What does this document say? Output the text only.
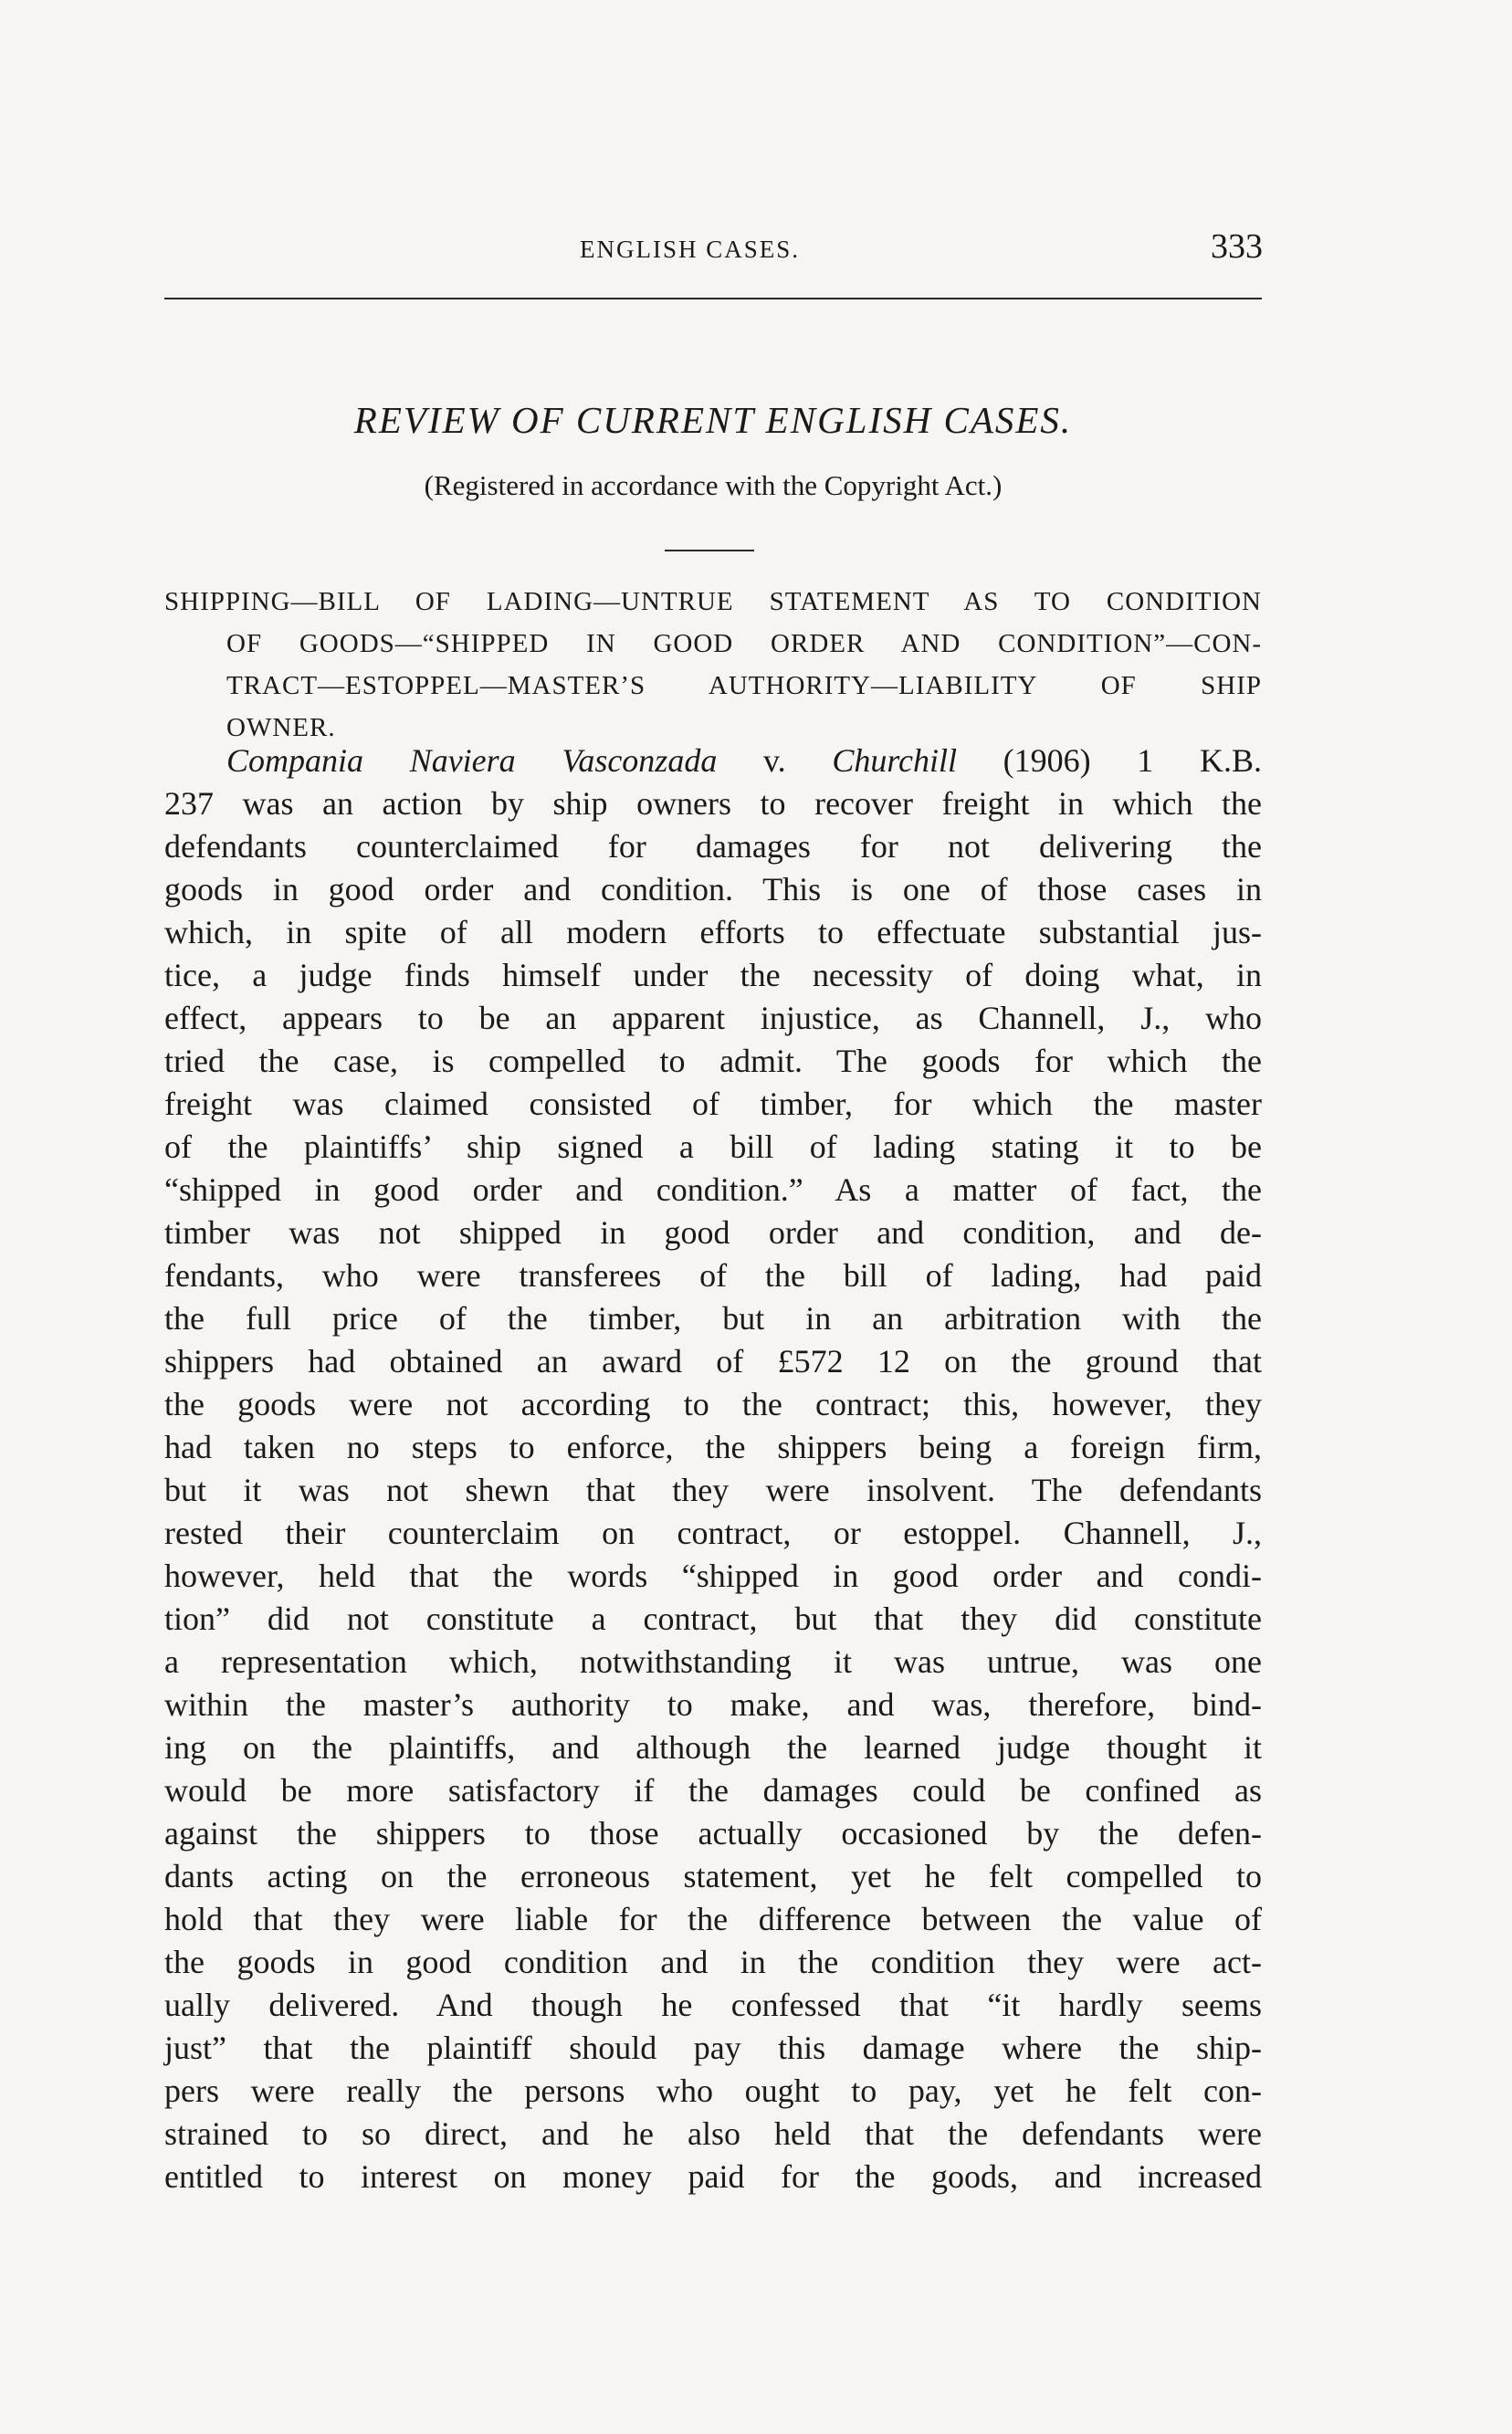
ENGLISH CASES.	333
REVIEW OF CURRENT ENGLISH CASES.
(Registered in accordance with the Copyright Act.)
SHIPPING—BILL OF LADING—UNTRUE STATEMENT AS TO CONDITION
OF GOODS—“SHIPPED IN GOOD ORDER AND CONDITION”—CON-
TRACT—ESTOPPEL—MASTER’S AUTHORITY—LIABILITY OF SHIP
OWNER.
Compania Naviera Vasconzada v. Churchill (1906) 1 K.B.
237 was an action by ship owners to recover freight in which the
defendants counterclaimed for damages for not delivering the
goods in good order and condition. This is one of those cases in
which, in spite of all modern efforts to effectuate substantial jus-
tice, a judge finds himself under the necessity of doing what, in
effect, appears to be an apparent injustice, as Channell, J., who
tried the case, is compelled to admit. The goods for which the
freight was claimed consisted of timber, for which the master
of the plaintiffs’ ship signed a bill of lading stating it to be
“shipped in good order and condition.” As a matter of fact, the
timber was not shipped in good order and condition, and de-
fendants, who were transferees of the bill of lading, had paid
the full price of the timber, but in an arbitration with the
shippers had obtained an award of £572 12 on the ground that
the goods were not according to the contract; this, however, they
had taken no steps to enforce, the shippers being a foreign firm,
but it was not shewn that they were insolvent. The defendants
rested their counterclaim on contract, or estoppel. Channell, J.,
however, held that the words “shipped in good order and condi-
tion” did not constitute a contract, but that they did constitute
a representation which, notwithstanding it was untrue, was one
within the master’s authority to make, and was, therefore, bind-
ing on the plaintiffs, and although the learned judge thought it
would be more satisfactory if the damages could be confined as
against the shippers to those actually occasioned by the defen-
dants acting on the erroneous statement, yet he felt compelled to
hold that they were liable for the difference between the value of
the goods in good condition and in the condition they were act-
ually delivered. And though he confessed that “it hardly seems
just” that the plaintiff should pay this damage where the ship-
pers were really the persons who ought to pay, yet he felt con-
strained to so direct, and he also held that the defendants were
entitled to interest on money paid for the goods, and increased
